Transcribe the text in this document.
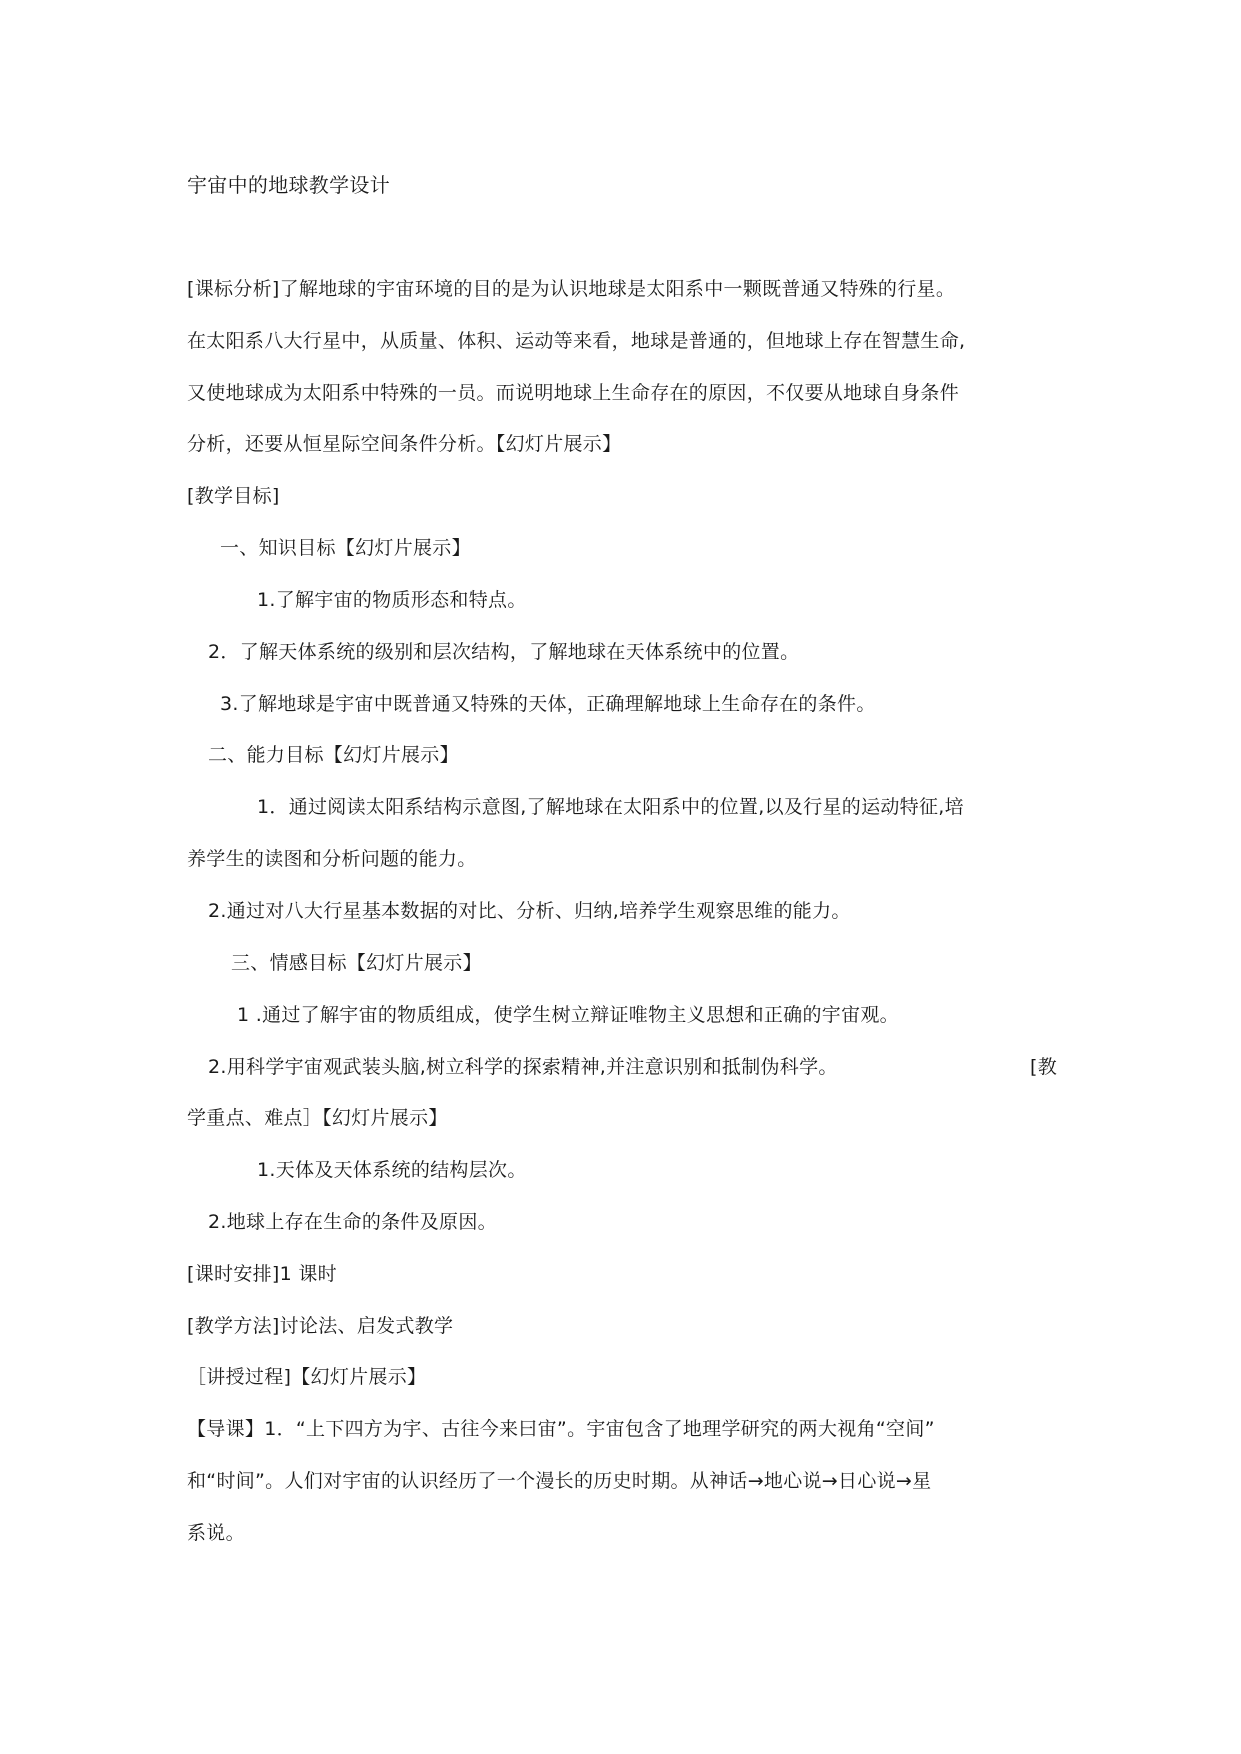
宇宙中的地球教学设计
[课标分析]了解地球的宇宙环境的目的是为认识地球是太阳系中一颗既普通又特殊的行星。
在太阳系八大行星中，从质量、体积、运动等来看，地球是普通的，但地球上存在智慧生命,
又使地球成为太阳系中特殊的一员。而说明地球上生命存在的原因，不仅要从地球自身条件
分析，还要从恒星际空间条件分析。【幻灯片展示】
[教学目标]
一、知识目标【幻灯片展示】
1.了解宇宙的物质形态和特点。
2．了解天体系统的级别和层次结构，了解地球在天体系统中的位置。
3.了解地球是宇宙中既普通又特殊的天体，正确理解地球上生命存在的条件。
二、能力目标【幻灯片展示】
1．通过阅读太阳系结构示意图,了解地球在太阳系中的位置,以及行星的运动特征,培
养学生的读图和分析问题的能力。
2.通过对八大行星基本数据的对比、分析、归纳,培养学生观察思维的能力。
三、情感目标【幻灯片展示】
1 .通过了解宇宙的物质组成，使学生树立辩证唯物主义思想和正确的宇宙观。
2.用科学宇宙观武装头脑,树立科学的探索精神,并注意识别和抵制伪科学。	[教
学重点、难点］【幻灯片展示】
1.天体及天体系统的结构层次。
2.地球上存在生命的条件及原因。
[课时安排]1 课时
[教学方法]讨论法、启发式教学
［讲授过程]【幻灯片展示】
【导课】1．“上下四方为宇、古往今来曰宙”。宇宙包含了地理学研究的两大视角“空间”
和“时间”。人们对宇宙的认识经历了一个漫长的历史时期。从神话→地心说→日心说→星
系说。
